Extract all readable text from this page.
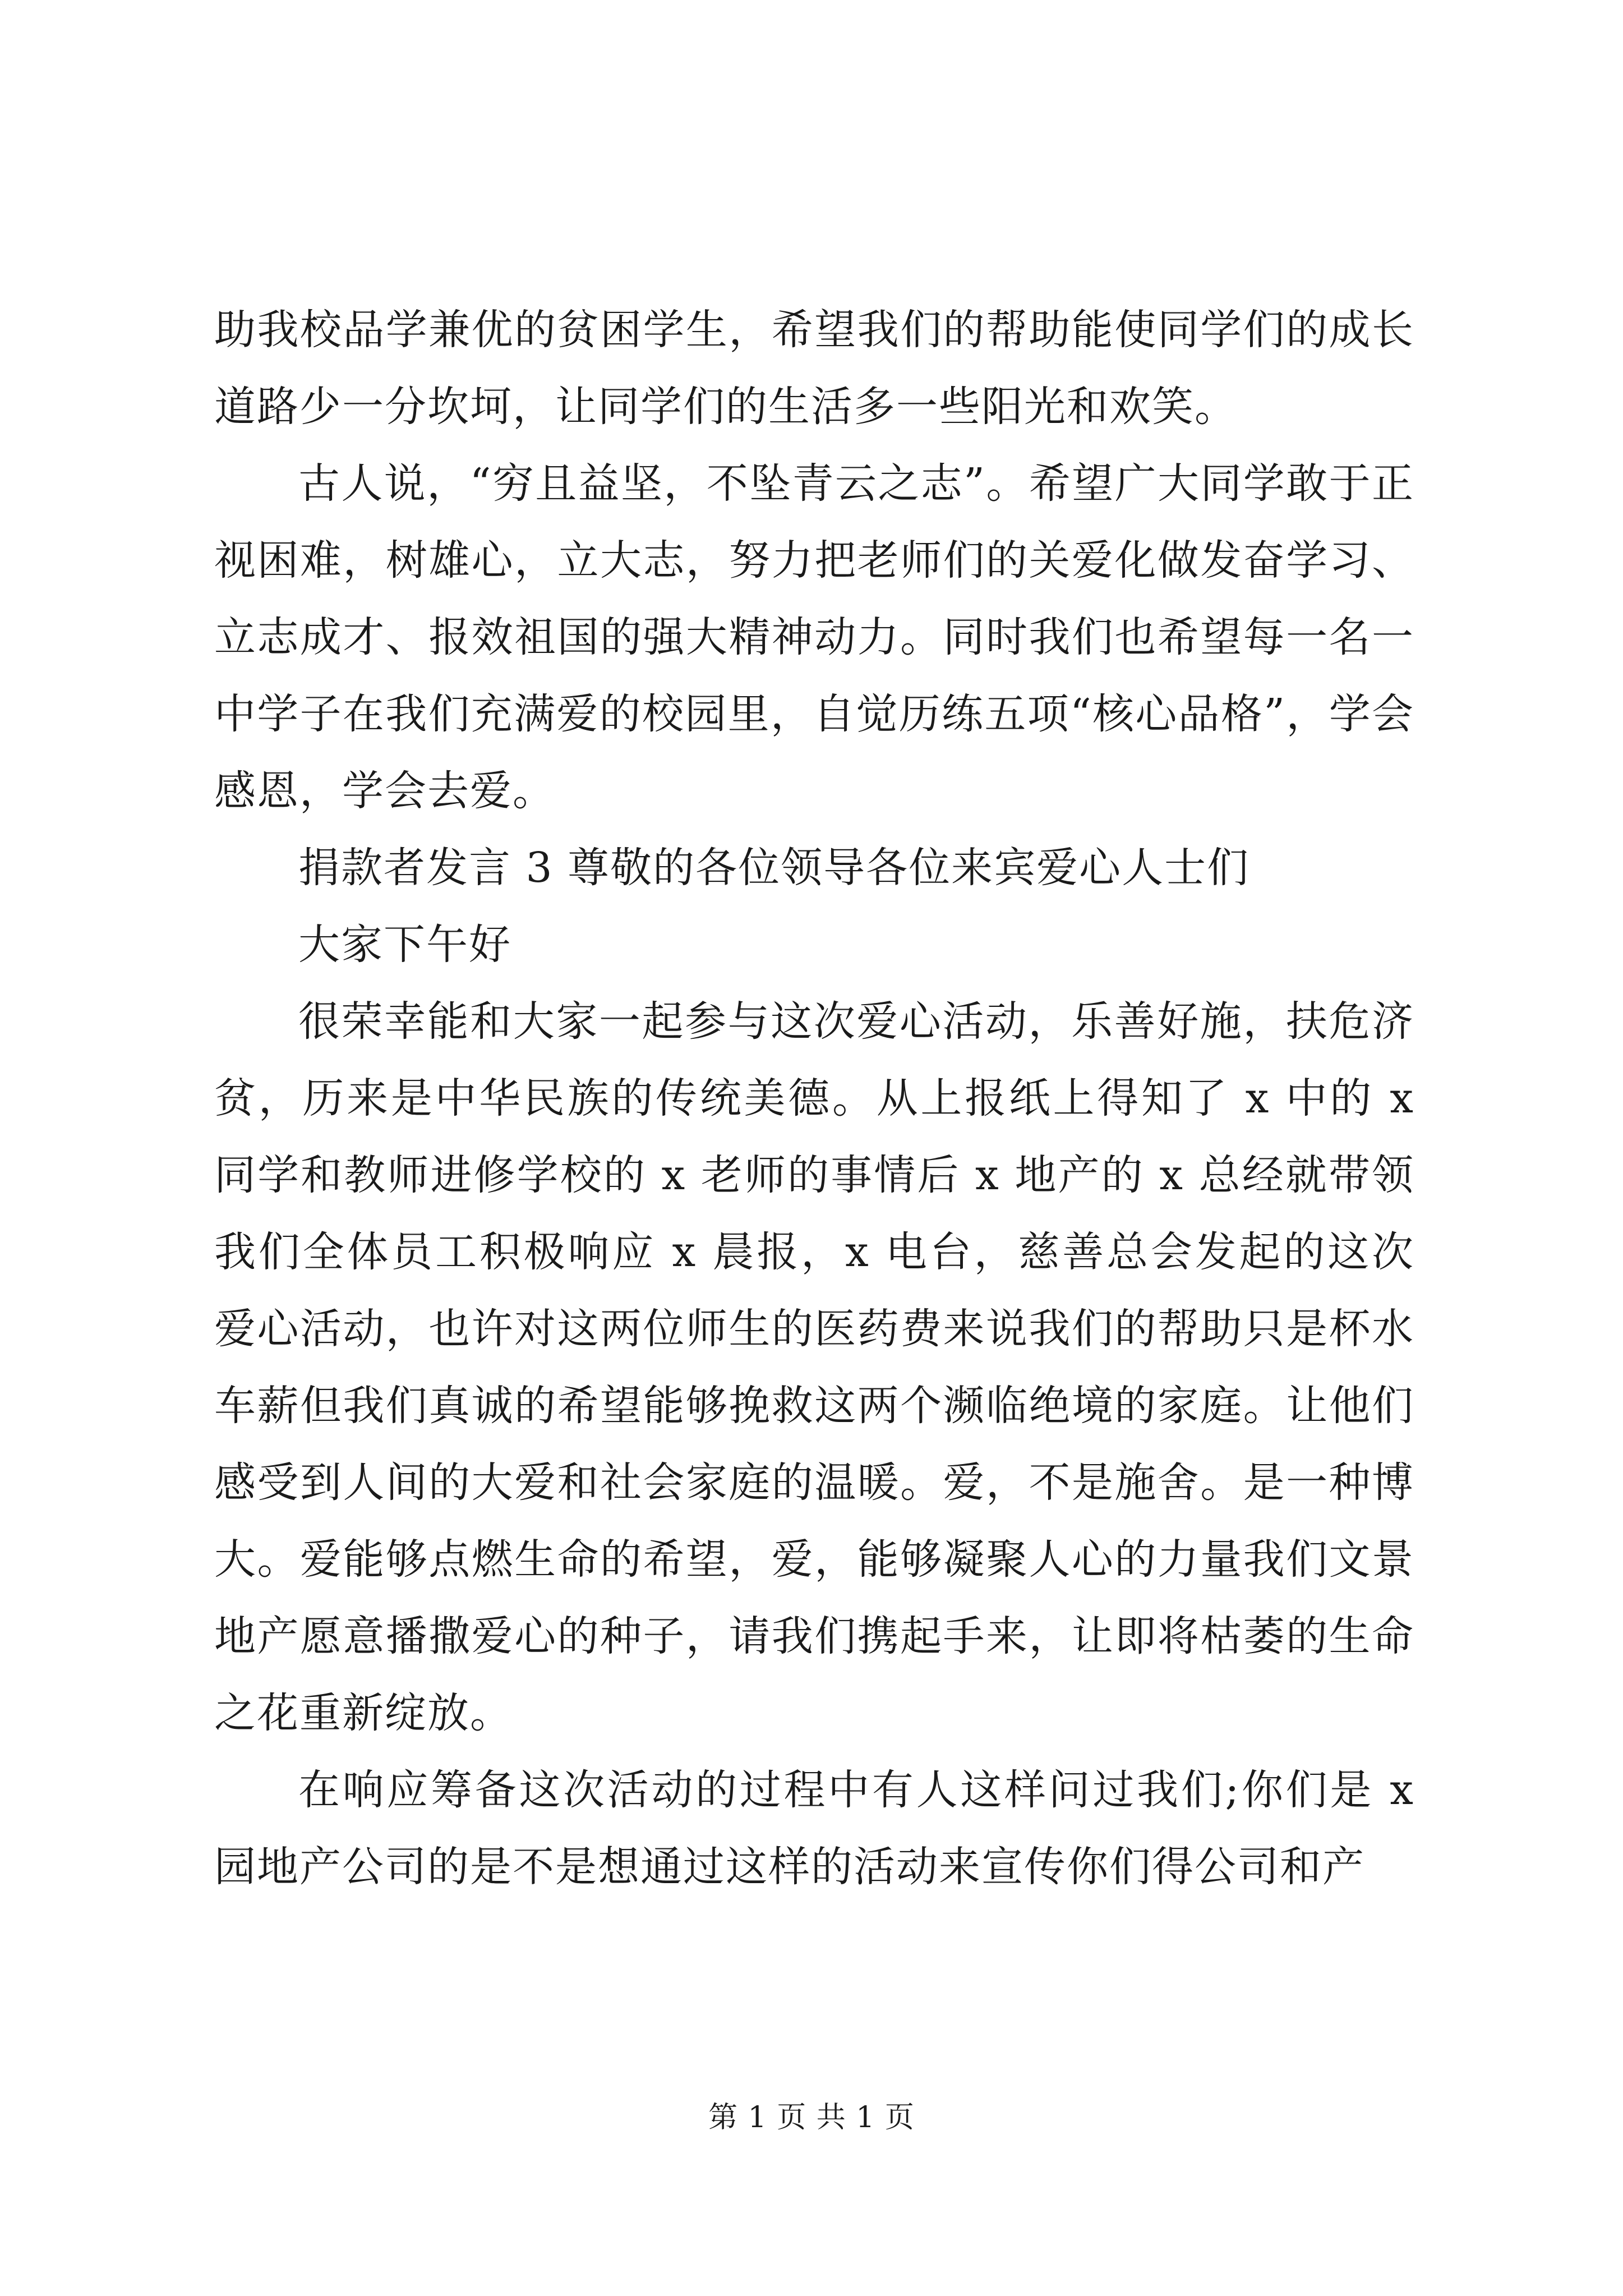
助我校品学兼优的贫困学生，希望我们的帮助能使同学们的成长道路少一分坎坷，让同学们的生活多一些阳光和欢笑。

古人说，“穷且益坚，不坠青云之志”。希望广大同学敢于正视困难，树雄心，立大志，努力把老师们的关爱化做发奋学习、立志成才、报效祖国的强大精神动力。同时我们也希望每一名一中学子在我们充满爱的校园里，自觉历练五项“核心品格”，学会感恩，学会去爱。

捐款者发言 3 尊敬的各位领导各位来宾爱心人士们

大家下午好

很荣幸能和大家一起参与这次爱心活动，乐善好施，扶危济贫，历来是中华民族的传统美德。从上报纸上得知了 x 中的 x 同学和教师进修学校的 x 老师的事情后 x 地产的 x 总经就带领我们全体员工积极响应 x 晨报，x 电台，慈善总会发起的这次爱心活动，也许对这两位师生的医药费来说我们的帮助只是杯水车薪但我们真诚的希望能够挽救这两个濒临绝境的家庭。让他们感受到人间的大爱和社会家庭的温暖。爱，不是施舍。是一种博大。爱能够点燃生命的希望，爱，能够凝聚人心的力量我们文景地产愿意播撒爱心的种子，请我们携起手来，让即将枯萎的生命之花重新绽放。

在响应筹备这次活动的过程中有人这样问过我们;你们是 x 园地产公司的是不是想通过这样的活动来宣传你们得公司和产

第 1 页 共 1 页
